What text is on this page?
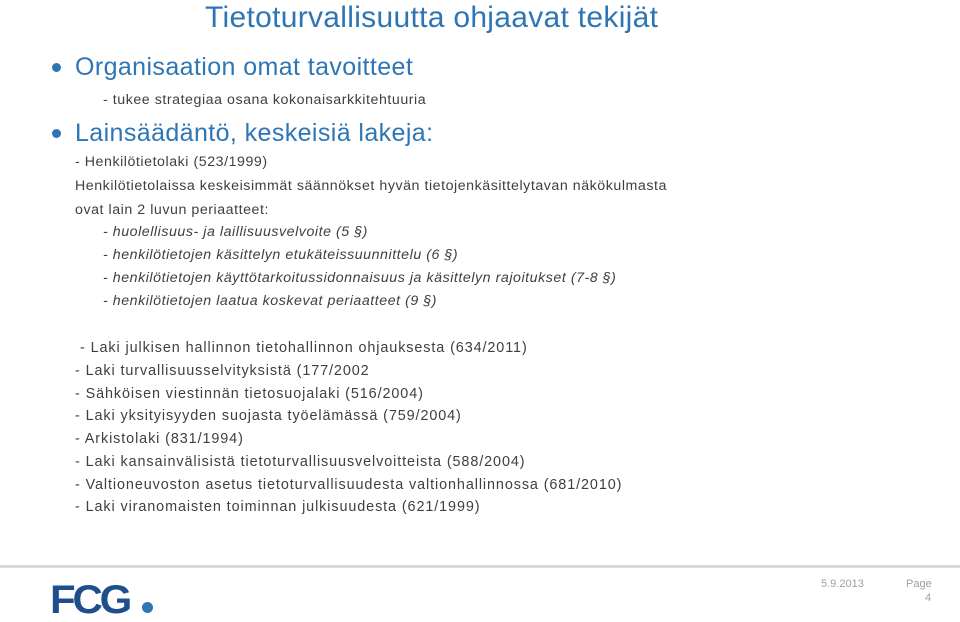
Tietoturvallisuutta ohjaavat tekijät
Organisaation omat tavoitteet
- tukee strategiaa osana kokonaisarkkitehtuuria
Lainsäädäntö, keskeisiä lakeja:
- Henkilötietolaki (523/1999)
Henkilötietolaissa keskeisimmät säännökset hyvän tietojenkäsittelytavan näkökulmasta
ovat lain 2 luvun periaatteet:
- huolellisuus- ja laillisuusvelvoite (5 §)
- henkilötietojen käsittelyn etukäteissuunnittelu (6 §)
- henkilötietojen käyttötarkoitussidonnaisuus ja käsittelyn rajoitukset (7-8 §)
- henkilötietojen laatua koskevat periaatteet (9 §)
- Laki julkisen hallinnon tietohallinnon ohjauksesta (634/2011)
- Laki turvallisuusselvityksistä (177/2002
- Sähköisen viestinnän tietosuojalaki (516/2004)
- Laki yksityisyyden suojasta työelämässä (759/2004)
- Arkistolaki (831/1994)
- Laki kansainvälisistä tietoturvallisuusvelvoitteista (588/2004)
- Valtioneuvoston asetus tietoturvallisuudesta valtionhallinnossa (681/2010)
- Laki viranomaisten toiminnan julkisuudesta (621/1999)
FCG	5.9.2013	Page
4
